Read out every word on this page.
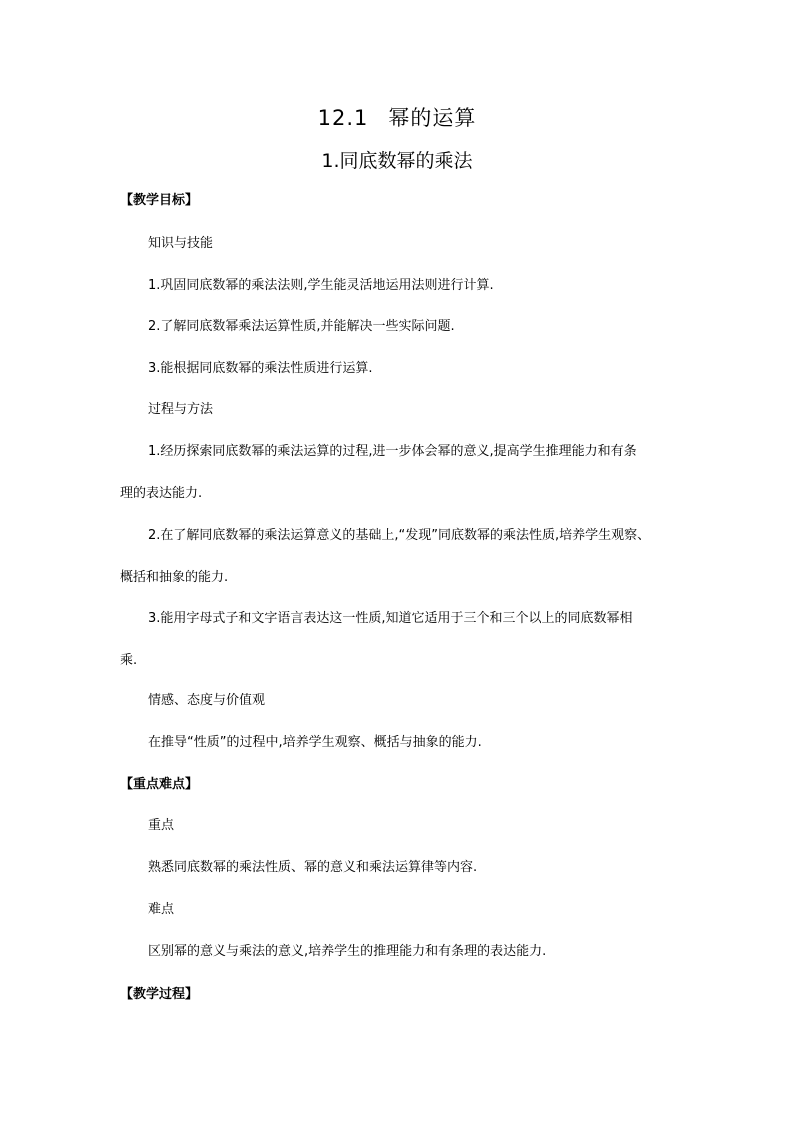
12.1 幂的运算
1.同底数幂的乘法
【教学目标】
知识与技能
1.巩固同底数幂的乘法法则,学生能灵活地运用法则进行计算.
2.了解同底数幂乘法运算性质,并能解决一些实际问题.
3.能根据同底数幂的乘法性质进行运算.
过程与方法
1.经历探索同底数幂的乘法运算的过程,进一步体会幂的意义,提高学生推理能力和有条
理的表达能力.
2.在了解同底数幂的乘法运算意义的基础上,“发现”同底数幂的乘法性质,培养学生观察、
概括和抽象的能力.
3.能用字母式子和文字语言表达这一性质,知道它适用于三个和三个以上的同底数幂相
乘.
情感、态度与价值观
在推导“性质”的过程中,培养学生观察、概括与抽象的能力.
【重点难点】
重点
熟悉同底数幂的乘法性质、幂的意义和乘法运算律等内容.
难点
区别幂的意义与乘法的意义,培养学生的推理能力和有条理的表达能力.
【教学过程】
